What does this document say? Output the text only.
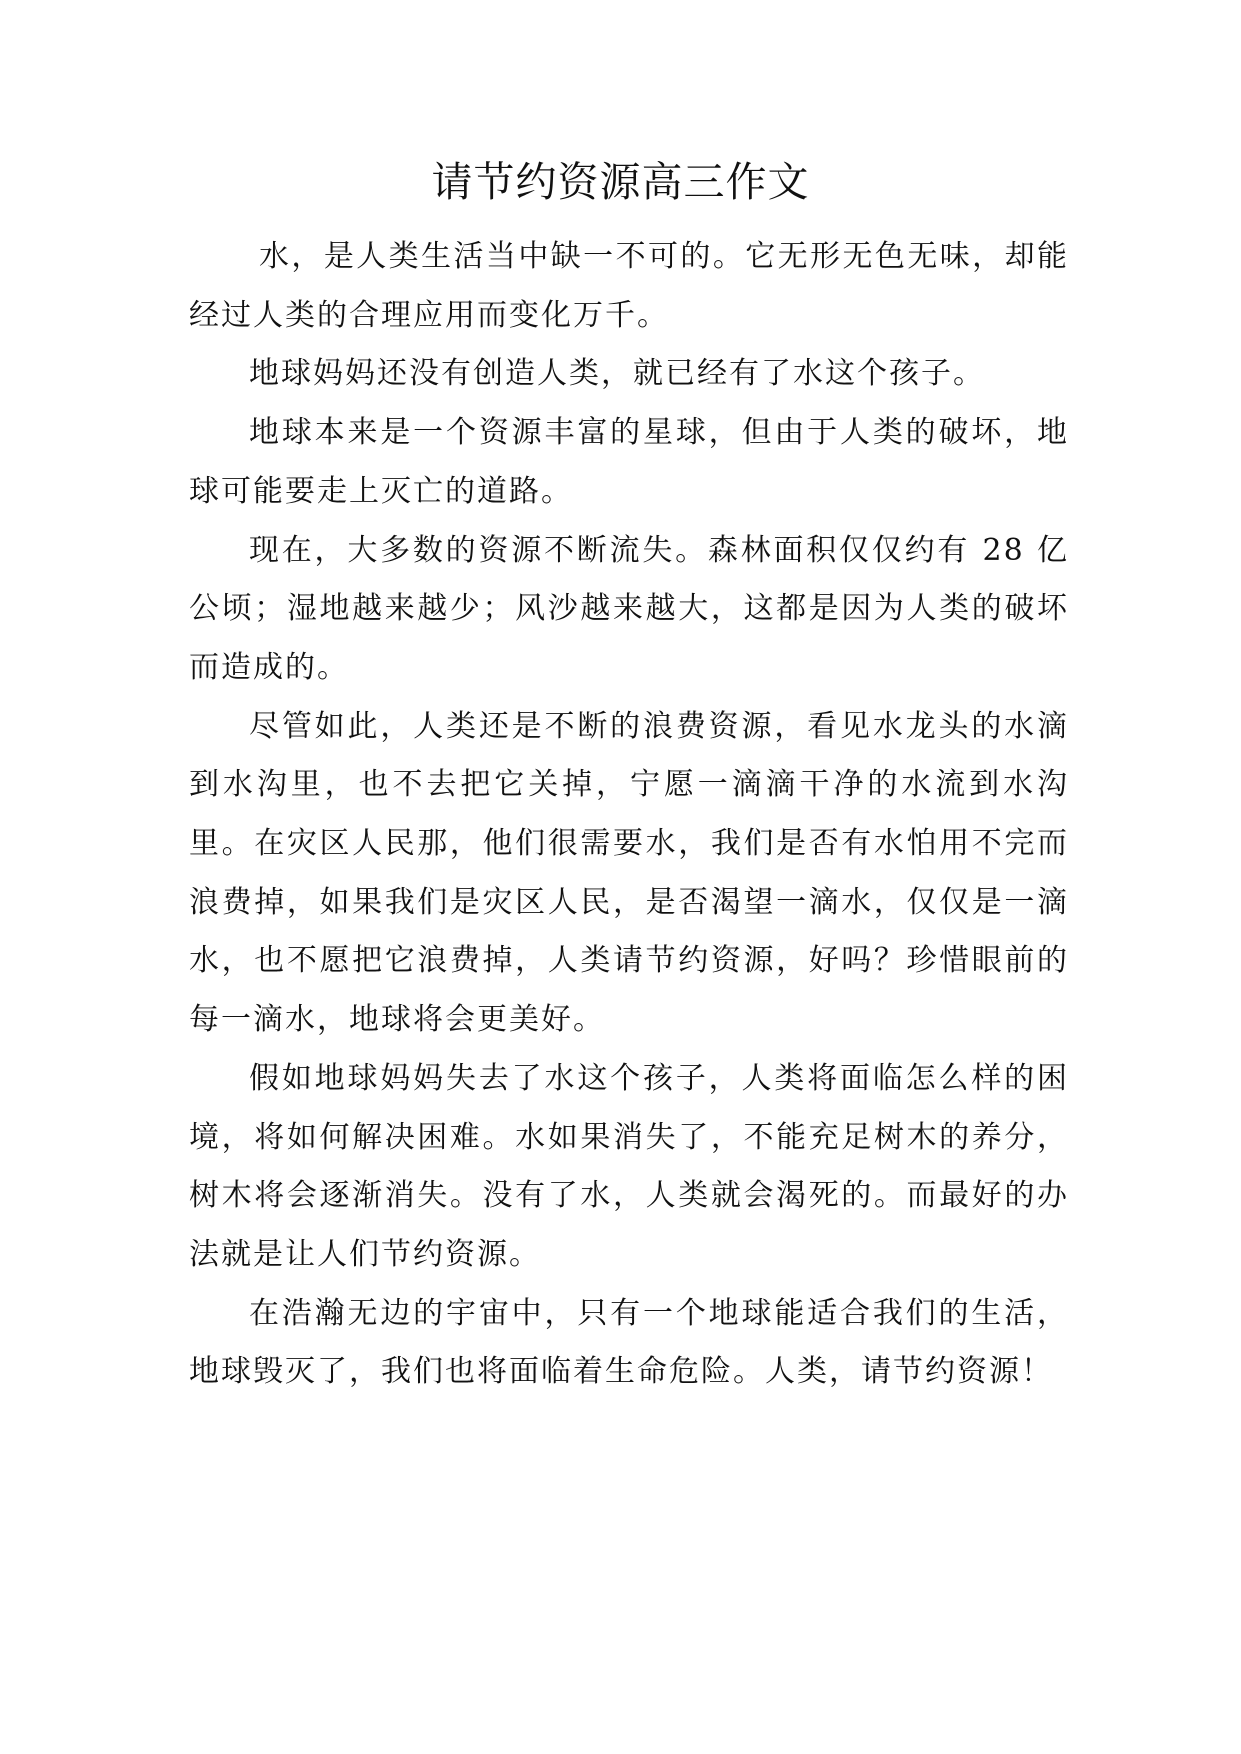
请节约资源高三作文

水，是人类生活当中缺一不可的。它无形无色无味，却能经过人类的合理应用而变化万千。

地球妈妈还没有创造人类，就已经有了水这个孩子。

地球本来是一个资源丰富的星球，但由于人类的破坏，地球可能要走上灭亡的道路。

现在，大多数的资源不断流失。森林面积仅仅约有 28 亿公顷；湿地越来越少；风沙越来越大，这都是因为人类的破坏而造成的。

尽管如此，人类还是不断的浪费资源，看见水龙头的水滴到水沟里，也不去把它关掉，宁愿一滴滴干净的水流到水沟里。在灾区人民那，他们很需要水，我们是否有水怕用不完而浪费掉，如果我们是灾区人民，是否渴望一滴水，仅仅是一滴水，也不愿把它浪费掉，人类请节约资源，好吗？珍惜眼前的每一滴水，地球将会更美好。

假如地球妈妈失去了水这个孩子，人类将面临怎么样的困境，将如何解决困难。水如果消失了，不能充足树木的养分，树木将会逐渐消失。没有了水，人类就会渴死的。而最好的办法就是让人们节约资源。

在浩瀚无边的宇宙中，只有一个地球能适合我们的生活，地球毁灭了，我们也将面临着生命危险。人类，请节约资源！
